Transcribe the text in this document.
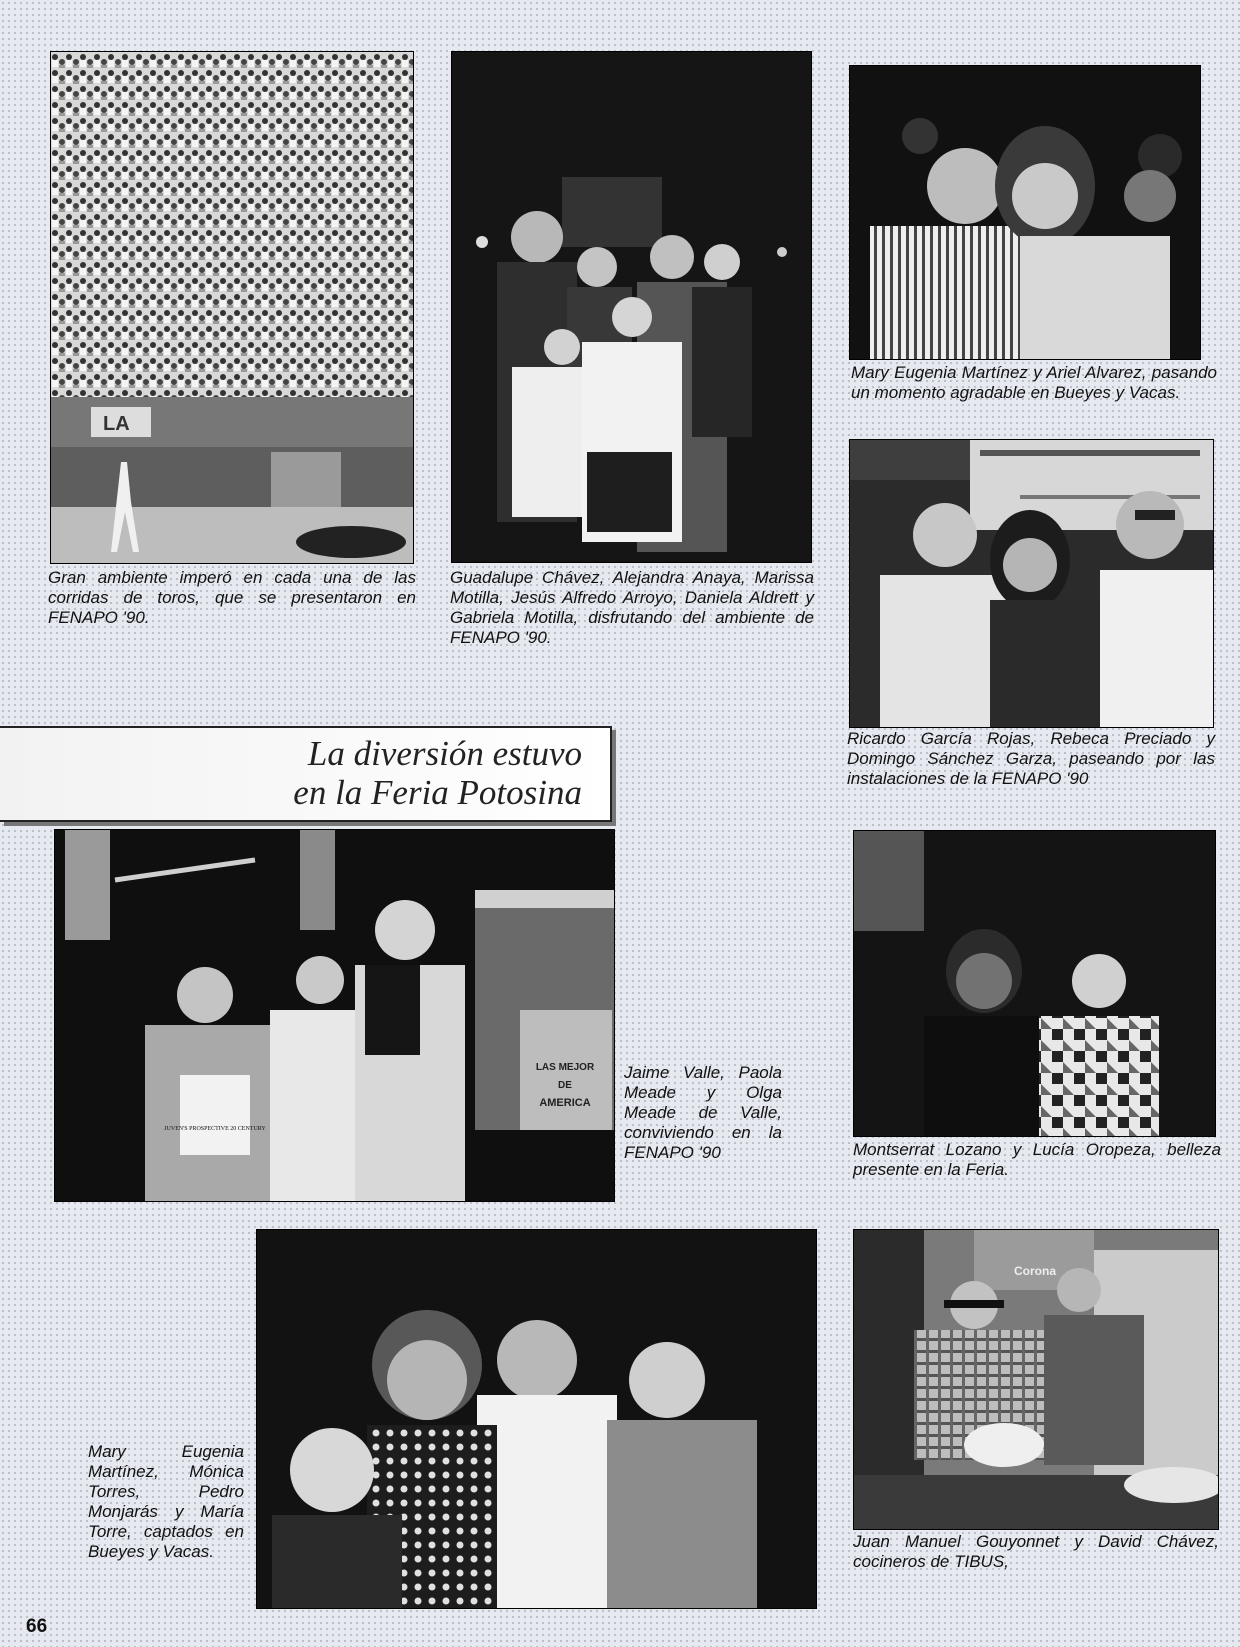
LA

Gran ambiente imperó en cada una de las corridas de toros, que se presentaron en FENAPO '90.

Guadalupe Chávez, Alejandra Anaya, Marissa Motilla, Jesús Alfredo Arroyo, Daniela Aldrett y Gabriela Motilla, disfrutando del ambiente de FENAPO '90.

Mary Eugenia Martínez y Ariel Alvarez, pasando un momento agradable en Bueyes y Vacas.

Ricardo García Rojas, Rebeca Preciado y Domingo Sánchez Garza, paseando por las instalaciones de la FENAPO '90

La diversión estuvo
en la Feria Potosina
LAS MEJOR
DE
AMERICA
JUVEN'S PROSPECTIVE 20 CENTURY

Jaime Valle, Paola Meade y Olga Meade de Valle, conviviendo en la FENAPO '90	Montserrat Lozano y Lucía Oropeza, belleza presente en la Feria.

Mary Eugenia Martínez, Mónica Torres, Pedro Monjarás y María Torre, captados en Bueyes y Vacas.

Corona

Juan Manuel Gouyonnet y David Chávez, cocineros de TIBUS,

66
